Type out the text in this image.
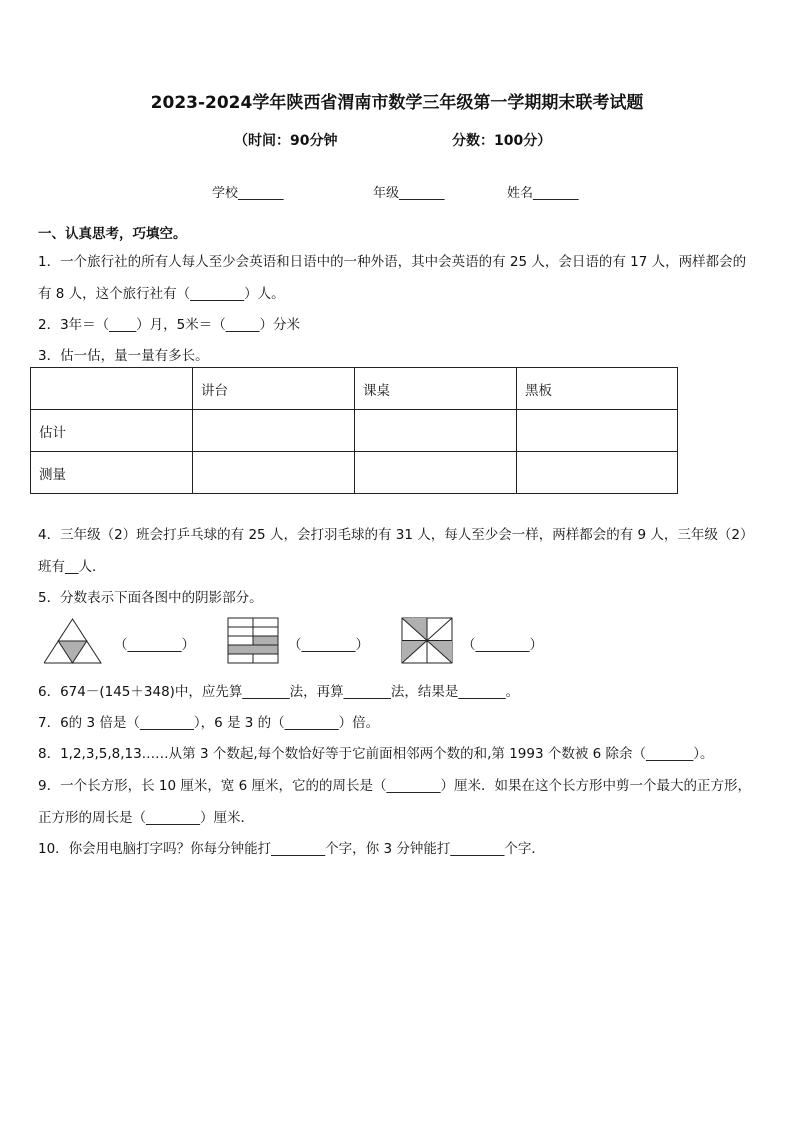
2023-2024学年陕西省渭南市数学三年级第一学期期末联考试题
（时间：90分钟	分数：100分）
学校_______	年级_______	姓名_______
一、认真思考，巧填空。
1．一个旅行社的所有人每人至少会英语和日语中的一种外语，其中会英语的有 25 人，会日语的有 17 人，两样都会的
有 8 人，这个旅行社有（________）人。
2．3年＝（____）月，5米＝（_____）分米
3．估一估，量一量有多长。
	讲台	课桌	黑板
估计			
测量			
4．三年级（2）班会打乒乓球的有 25 人，会打羽毛球的有 31 人，每人至少会一样，两样都会的有 9 人，三年级（2）
班有__人．
5．分数表示下面各图中的阴影部分。
（________）	（________）	（________）
6．674－(145＋348)中，应先算_______法，再算_______法，结果是_______。
7．6的 3 倍是（________），6 是 3 的（________）倍。
8．1,2,3,5,8,13……从第 3 个数起,每个数恰好等于它前面相邻两个数的和,第 1993 个数被 6 除余（_______）。
9．一个长方形，长 10 厘米，宽 6 厘米，它的的周长是（________）厘米．如果在这个长方形中剪一个最大的正方形，
正方形的周长是（________）厘米．
10．你会用电脑打字吗？你每分钟能打________个字，你 3 分钟能打________个字．
